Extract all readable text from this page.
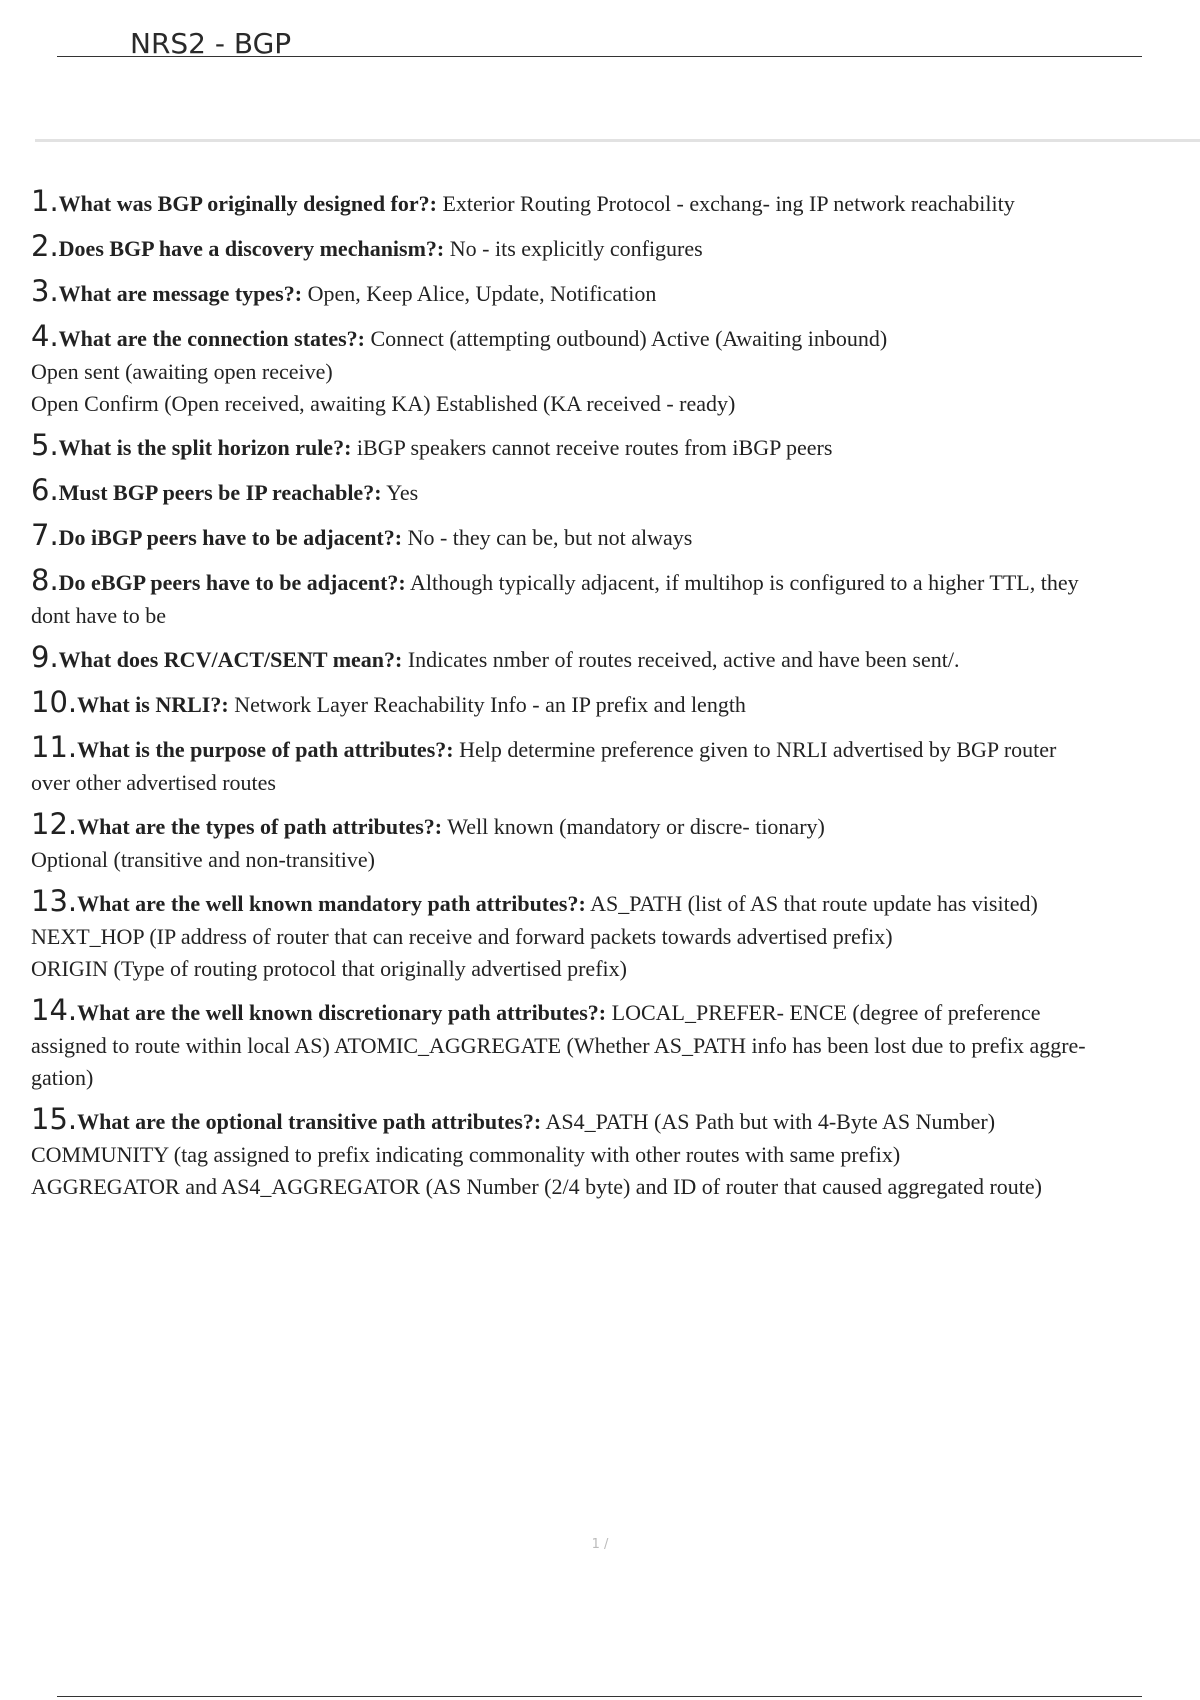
NRS2 - BGP
1.What was BGP originally designed for?: Exterior Routing Protocol - exchang- ing IP network reachability
2.Does BGP have a discovery mechanism?: No - its explicitly configures
3.What are message types?: Open, Keep Alice, Update, Notification
4.What are the connection states?: Connect (attempting outbound) Active (Awaiting inbound)
Open sent (awaiting open receive)
Open Confirm (Open received, awaiting KA) Established (KA received - ready)
5.What is the split horizon rule?: iBGP speakers cannot receive routes from iBGP peers
6.Must BGP peers be IP reachable?: Yes
7.Do iBGP peers have to be adjacent?: No - they can be, but not always
8.Do eBGP peers have to be adjacent?: Although typically adjacent, if multihop is configured to a higher TTL, they
dont have to be
9.What does RCV/ACT/SENT mean?: Indicates nmber of routes received, active and have been sent/.
10.What is NRLI?: Network Layer Reachability Info - an IP prefix and length
11.What is the purpose of path attributes?: Help determine preference given to NRLI advertised by BGP router
over other advertised routes
12.What are the types of path attributes?: Well known (mandatory or discre- tionary)
Optional (transitive and non-transitive)
13.What are the well known mandatory path attributes?: AS_PATH (list of AS that route update has visited)
NEXT_HOP (IP address of router that can receive and forward packets towards advertised prefix)
ORIGIN (Type of routing protocol that originally advertised prefix)
14.What are the well known discretionary path attributes?: LOCAL_PREFER- ENCE (degree of preference
assigned to route within local AS) ATOMIC_AGGREGATE (Whether AS_PATH info has been lost due to prefix aggre-
gation)
15.What are the optional transitive path attributes?: AS4_PATH (AS Path but with 4-Byte AS Number)
COMMUNITY (tag assigned to prefix indicating commonality with other routes with same prefix)
AGGREGATOR and AS4_AGGREGATOR (AS Number (2/4 byte) and ID of router that caused aggregated route)
1 /
